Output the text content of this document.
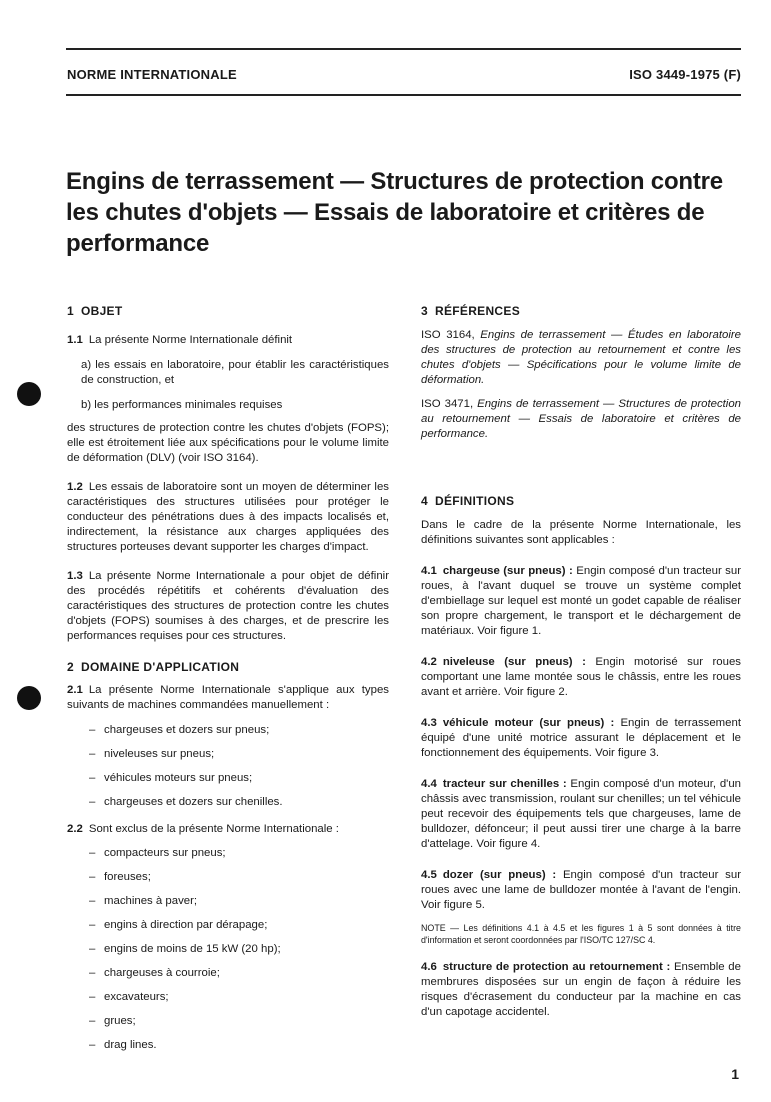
NORME INTERNATIONALE	ISO 3449-1975 (F)
Engins de terrassement — Structures de protection contre les chutes d'objets — Essais de laboratoire et critères de performance

1 OBJET

1.1 La présente Norme Internationale définit

a) les essais en laboratoire, pour établir les caractéristiques de construction, et

b) les performances minimales requises

des structures de protection contre les chutes d'objets (FOPS); elle est étroitement liée aux spécifications pour le volume limite de déformation (DLV) (voir ISO 3164).

1.2 Les essais de laboratoire sont un moyen de déterminer les caractéristiques des structures utilisées pour protéger le conducteur des pénétrations dues à des impacts localisés et, indirectement, la résistance aux charges appliquées des structures porteuses devant supporter les charges d'impact.

1.3 La présente Norme Internationale a pour objet de définir des procédés répétitifs et cohérents d'évaluation des caractéristiques des structures de protection contre les chutes d'objets (FOPS) soumises à des charges, et de prescrire les performances requises pour ces structures.

2 DOMAINE D'APPLICATION

2.1 La présente Norme Internationale s'applique aux types suivants de machines commandées manuellement :

– chargeuses et dozers sur pneus;
– niveleuses sur pneus;
– véhicules moteurs sur pneus;
– chargeuses et dozers sur chenilles.

2.2 Sont exclus de la présente Norme Internationale :

– compacteurs sur pneus;
– foreuses;
– machines à paver;
– engins à direction par dérapage;
– engins de moins de 15 kW (20 hp);
– chargeuses à courroie;
– excavateurs;
– grues;
– drag lines.

3 RÉFÉRENCES

ISO 3164, Engins de terrassement — Études en laboratoire des structures de protection au retournement et contre les chutes d'objets — Spécifications pour le volume limite de déformation.

ISO 3471, Engins de terrassement — Structures de protection au retournement — Essais de laboratoire et critères de performance.

4 DÉFINITIONS

Dans le cadre de la présente Norme Internationale, les définitions suivantes sont applicables :

4.1 chargeuse (sur pneus) : Engin composé d'un tracteur sur roues, à l'avant duquel se trouve un système complet d'embiellage sur lequel est monté un godet capable de réaliser son propre chargement, le transport et le déchargement de matériaux. Voir figure 1.

4.2 niveleuse (sur pneus) : Engin motorisé sur roues comportant une lame montée sous le châssis, entre les roues avant et arrière. Voir figure 2.

4.3 véhicule moteur (sur pneus) : Engin de terrassement équipé d'une unité motrice assurant le déplacement et le fonctionnement des équipements. Voir figure 3.

4.4 tracteur sur chenilles : Engin composé d'un moteur, d'un châssis avec transmission, roulant sur chenilles; un tel véhicule peut recevoir des équipements tels que chargeuses, lame de bulldozer, défonceur; il peut aussi tirer une charge à la barre d'attelage. Voir figure 4.

4.5 dozer (sur pneus) : Engin composé d'un tracteur sur roues avec une lame de bulldozer montée à l'avant de l'engin. Voir figure 5.

NOTE — Les définitions 4.1 à 4.5 et les figures 1 à 5 sont données à titre d'information et seront coordonnées par l'ISO/TC 127/SC 4.

4.6 structure de protection au retournement : Ensemble de membrures disposées sur un engin de façon à réduire les risques d'écrasement du conducteur par la machine en cas d'un capotage accidentel.

1
